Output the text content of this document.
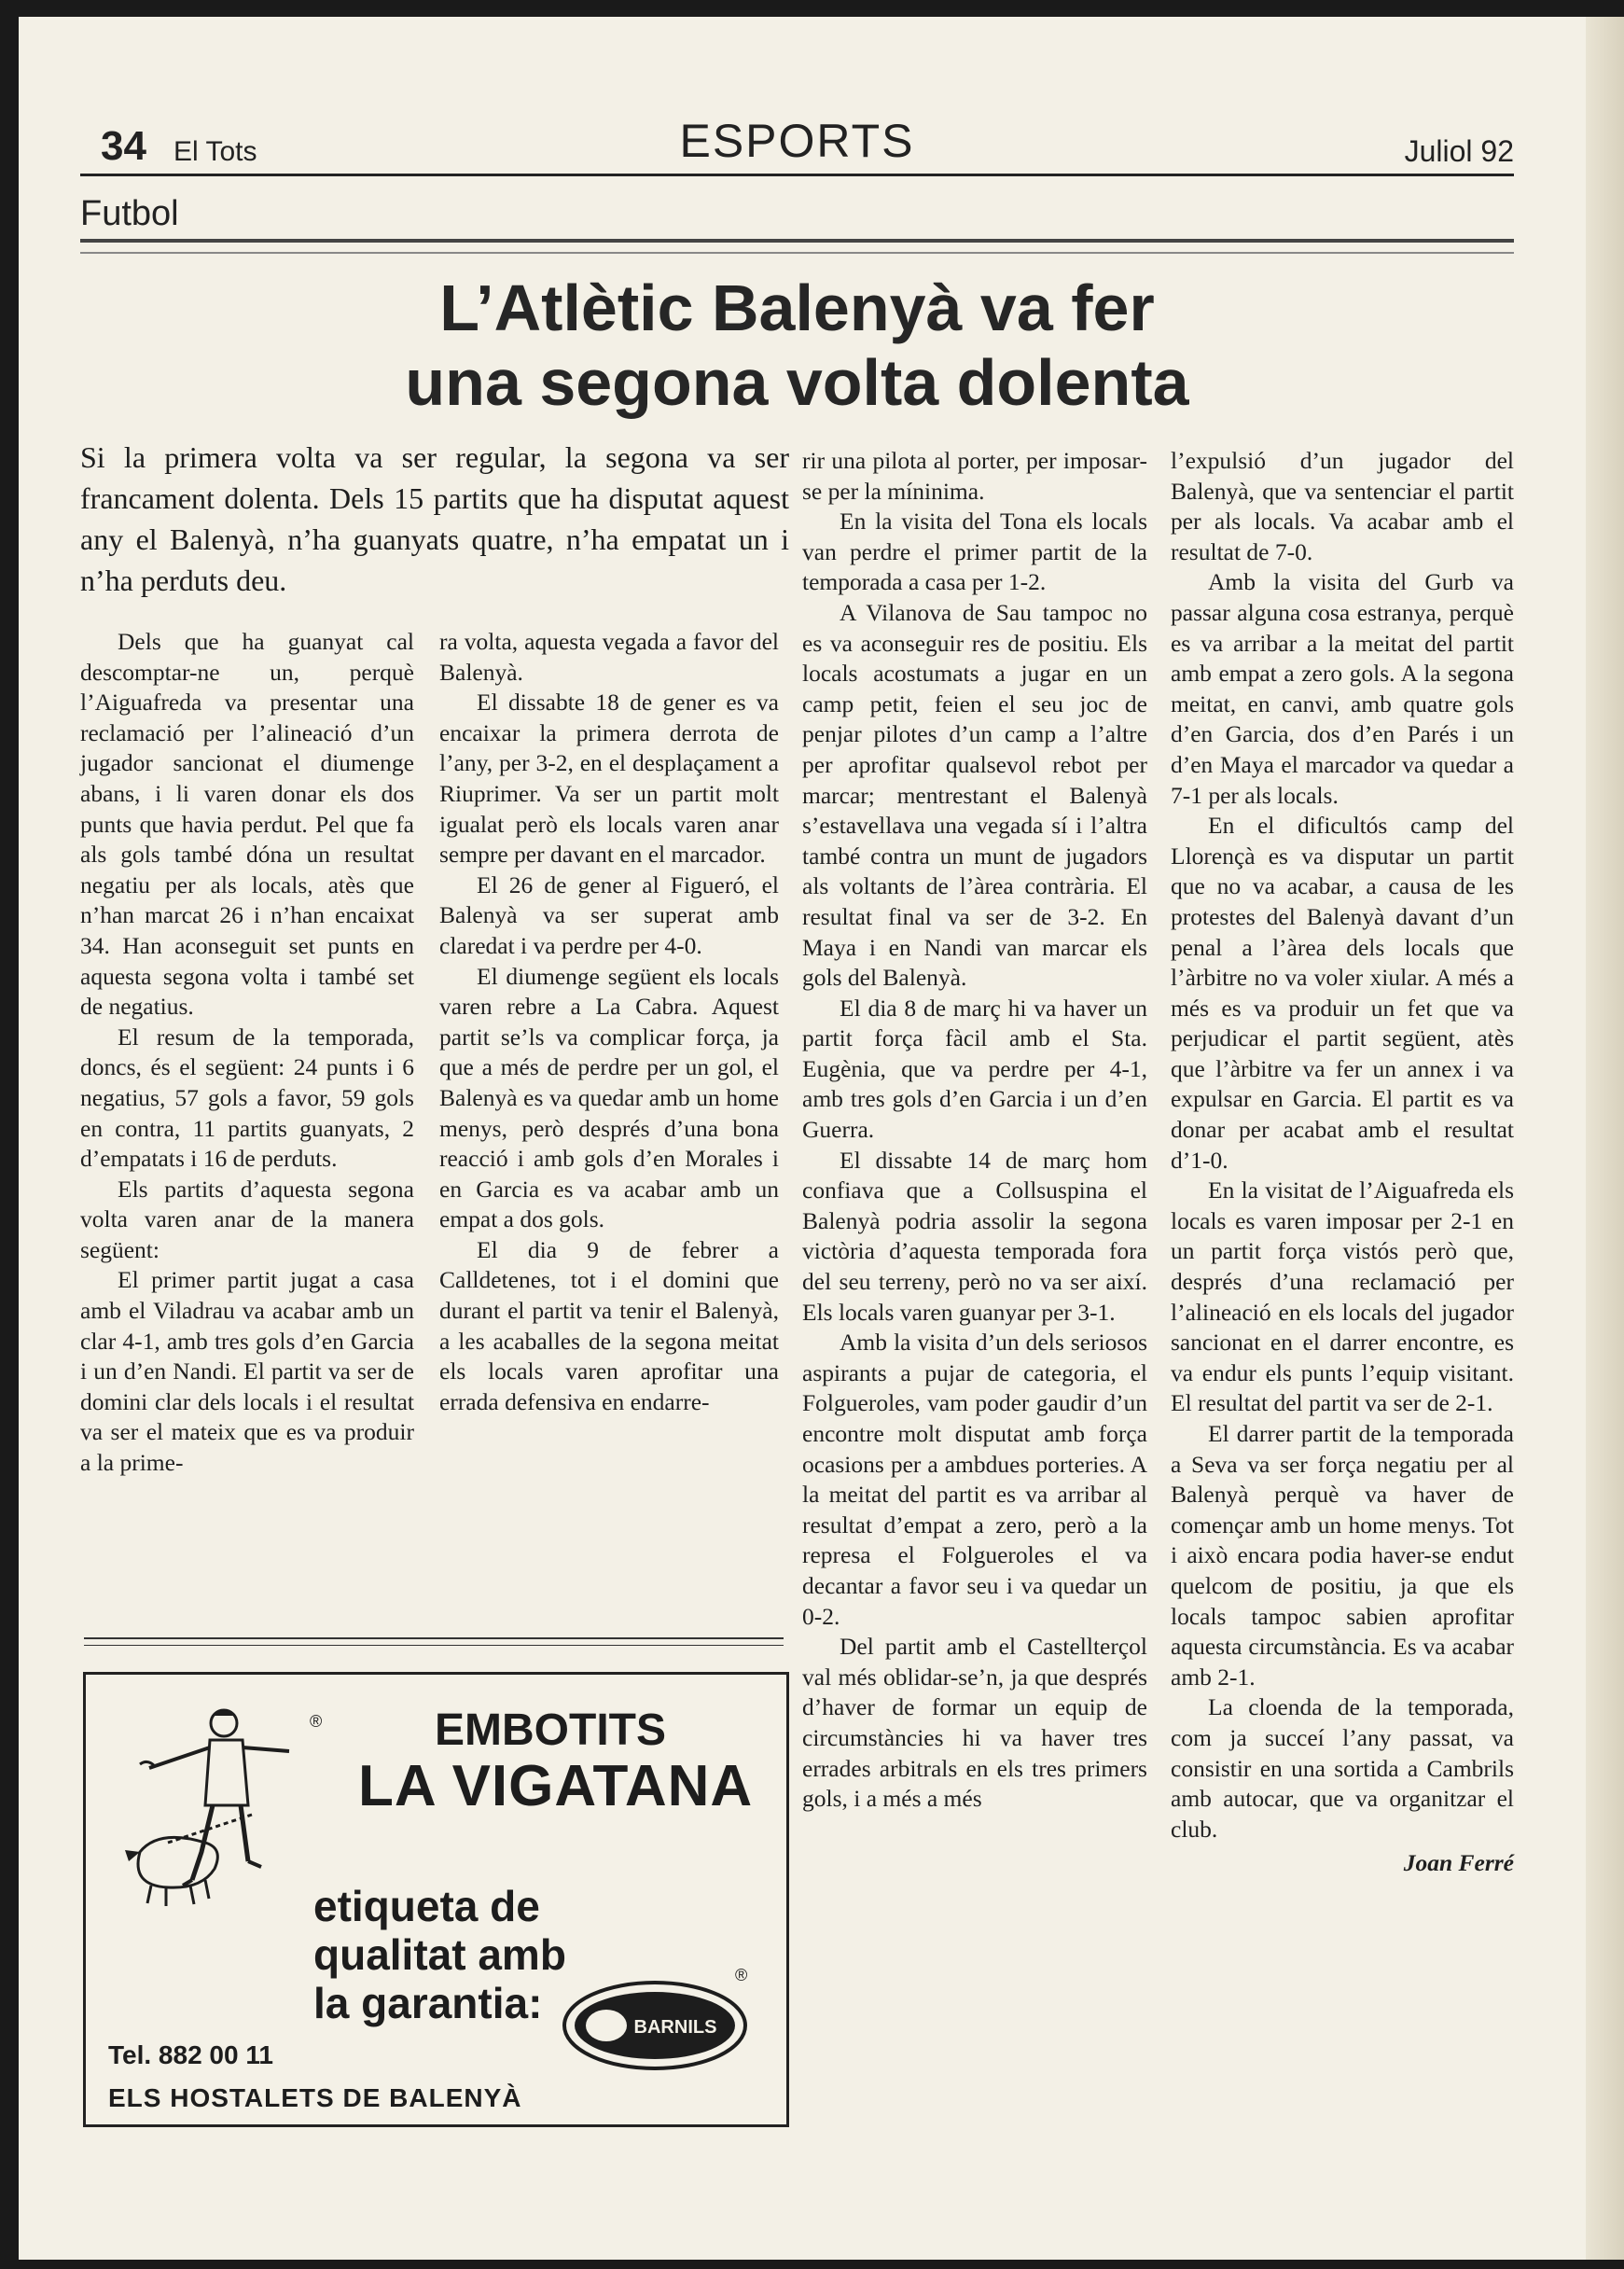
34 El Tots	ESPORTS	Juliol 92
Futbol
L’Atlètic Balenyà va fer
una segona volta dolenta
Si la primera volta va ser regular, la segona va ser francament dolenta. Dels 15 partits que ha disputat aquest any el Balenyà, n’ha guanyats quatre, n’ha empatat un i n’ha perduts deu.

Dels que ha guanyat cal descomptar-ne un, perquè l’Aiguafreda va presentar una reclamació per l’alineació d’un jugador sancionat el diumenge abans, i li varen donar els dos punts que havia perdut. Pel que fa als gols també dóna un resultat negatiu per als locals, atès que n’han marcat 26 i n’han encaixat 34. Han aconseguit set punts en aquesta segona volta i també set de negatius.

El resum de la temporada, doncs, és el següent: 24 punts i 6 negatius, 57 gols a favor, 59 gols en contra, 11 partits guanyats, 2 d’empatats i 16 de perduts.

Els partits d’aquesta segona volta varen anar de la manera següent:

El primer partit jugat a casa amb el Viladrau va acabar amb un clar 4-1, amb tres gols d’en Garcia i un d’en Nandi. El partit va ser de domini clar dels locals i el resultat va ser el mateix que es va produir a la prime-

ra volta, aquesta vegada a favor del Balenyà.

El dissabte 18 de gener es va encaixar la primera derrota de l’any, per 3-2, en el desplaçament a Riuprimer. Va ser un partit molt igualat però els locals varen anar sempre per davant en el marcador.

El 26 de gener al Figueró, el Balenyà va ser superat amb claredat i va perdre per 4-0.

El diumenge següent els locals varen rebre a La Cabra. Aquest partit se’ls va complicar força, ja que a més de perdre per un gol, el Balenyà es va quedar amb un home menys, però després d’una bona reacció i amb gols d’en Morales i en Garcia es va acabar amb un empat a dos gols.

El dia 9 de febrer a Calldetenes, tot i el domini que durant el partit va tenir el Balenyà, a les acaballes de la segona meitat els locals varen aprofitar una errada defensiva en endarre-

rir una pilota al porter, per imposar-se per la míninima.

En la visita del Tona els locals van perdre el primer partit de la temporada a casa per 1-2.

A Vilanova de Sau tampoc no es va aconseguir res de positiu. Els locals acostumats a jugar en un camp petit, feien el seu joc de penjar pilotes d’un camp a l’altre per aprofitar qualsevol rebot per marcar; mentrestant el Balenyà s’estavellava una vegada sí i l’altra també contra un munt de jugadors als voltants de l’àrea contrària. El resultat final va ser de 3-2. En Maya i en Nandi van marcar els gols del Balenyà.

El dia 8 de març hi va haver un partit força fàcil amb el Sta. Eugènia, que va perdre per 4-1, amb tres gols d’en Garcia i un d’en Guerra.

El dissabte 14 de març hom confiava que a Collsuspina el Balenyà podria assolir la segona victòria d’aquesta temporada fora del seu terreny, però no va ser així. Els locals varen guanyar per 3-1.

Amb la visita d’un dels seriosos aspirants a pujar de categoria, el Folgueroles, vam poder gaudir d’un encontre molt disputat amb força ocasions per a ambdues porteries. A la meitat del partit es va arribar al resultat d’empat a zero, però a la represa el Folgueroles el va decantar a favor seu i va quedar un 0-2.

Del partit amb el Castellterçol val més oblidar-se’n, ja que després d’haver de formar un equip de circumstàncies hi va haver tres errades arbitrals en els tres primers gols, i a més a més

l’expulsió d’un jugador del Balenyà, que va sentenciar el partit per als locals. Va acabar amb el resultat de 7-0.

Amb la visita del Gurb va passar alguna cosa estranya, perquè es va arribar a la meitat del partit amb empat a zero gols. A la segona meitat, en canvi, amb quatre gols d’en Garcia, dos d’en Parés i un d’en Maya el marcador va quedar a 7-1 per als locals.

En el dificultós camp del Llorençà es va disputar un partit que no va acabar, a causa de les protestes del Balenyà davant d’un penal a l’àrea dels locals que l’àrbitre no va voler xiular. A més a més es va produir un fet que va perjudicar el partit següent, atès que l’àrbitre va fer un annex i va expulsar en Garcia. El partit es va donar per acabat amb el resultat d’1-0.

En la visitat de l’Aiguafreda els locals es varen imposar per 2-1 en un partit força vistós però que, després d’una reclamació per l’alineació en els locals del jugador sancionat en el darrer encontre, es va endur els punts l’equip visitant. El resultat del partit va ser de 2-1.

El darrer partit de la temporada a Seva va ser força negatiu per al Balenyà perquè va haver de començar amb un home menys. Tot i això encara podia haver-se endut quelcom de positiu, ja que els locals tampoc sabien aprofitar aquesta circumstància. Es va acabar amb 2-1.

La cloenda de la temporada, com ja succeí l’any passat, va consistir en una sortida a Cambrils amb autocar, que va organitzar el club.

Joan Ferré
®	EMBOTITS
LA VIGATANA
etiqueta de
qualitat amb
la garantia:	BARNILS
®
Tel. 882 00 11
ELS HOSTALETS DE BALENYÀ
